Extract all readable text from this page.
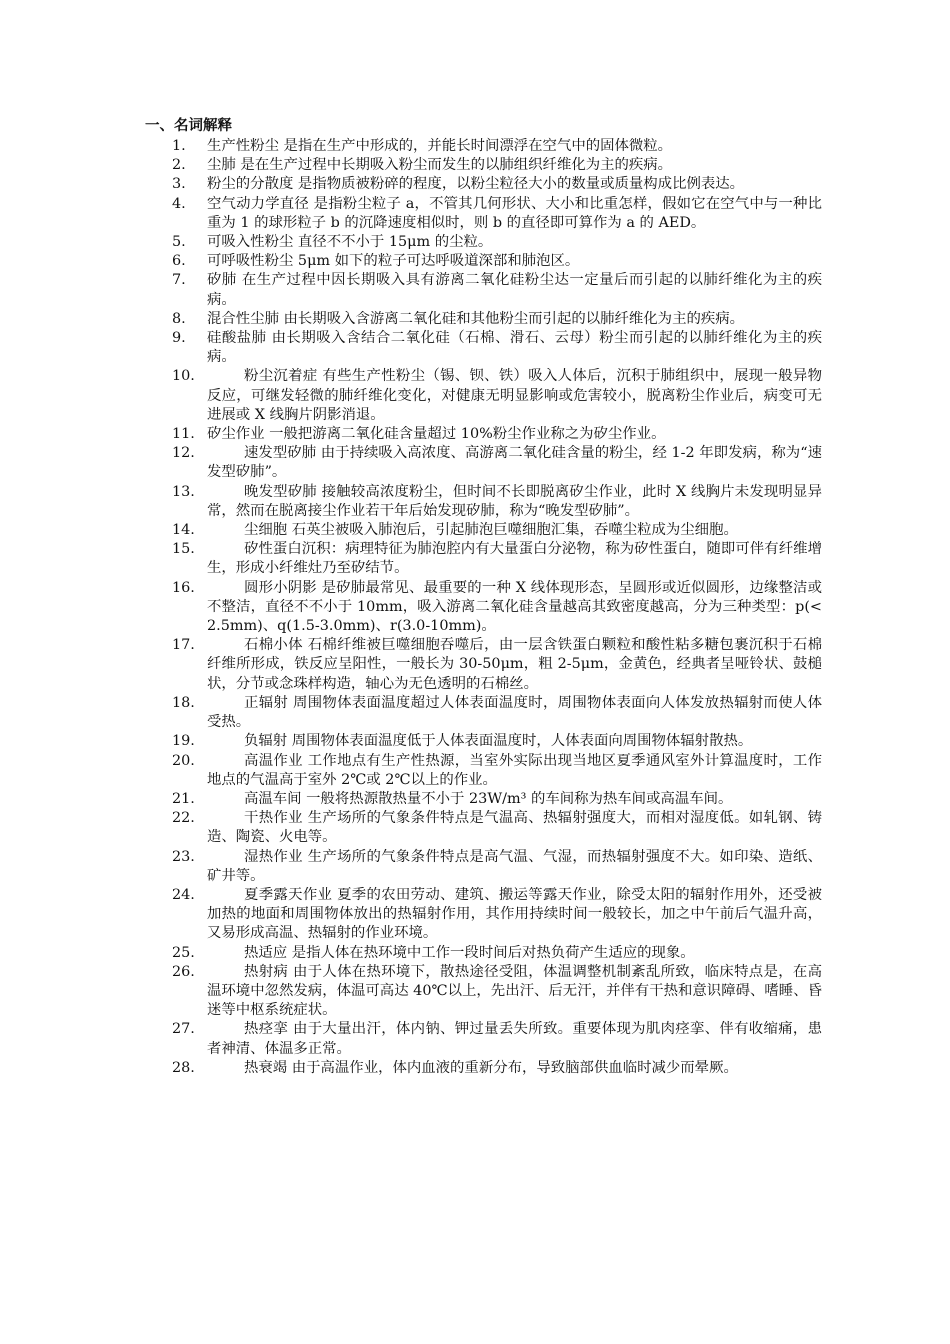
一、名词解释
1.	生产性粉尘 是指在生产中形成的，并能长时间漂浮在空气中的固体微粒。
2.	尘肺 是在生产过程中长期吸入粉尘而发生的以肺组织纤维化为主的疾病。
3.	粉尘的分散度 是指物质被粉碎的程度，以粉尘粒径大小的数量或质量构成比例表达。
4.	空气动力学直径 是指粉尘粒子 a，不管其几何形状、大小和比重怎样，假如它在空气中与一种比重为 1 的球形粒子 b 的沉降速度相似时，则 b 的直径即可算作为 a 的 AED。
5.	可吸入性粉尘 直径不不小于 15μm 的尘粒。
6.	可呼吸性粉尘 5μm 如下的粒子可达呼吸道深部和肺泡区。
7.	矽肺 在生产过程中因长期吸入具有游离二氧化硅粉尘达一定量后而引起的以肺纤维化为主的疾病。
8.	混合性尘肺 由长期吸入含游离二氧化硅和其他粉尘而引起的以肺纤维化为主的疾病。
9.	硅酸盐肺 由长期吸入含结合二氧化硅（石棉、滑石、云母）粉尘而引起的以肺纤维化为主的疾病。
10.	粉尘沉着症 有些生产性粉尘（锡、钡、铁）吸入人体后，沉积于肺组织中，展现一般异物反应，可继发轻微的肺纤维化变化，对健康无明显影响或危害较小，脱离粉尘作业后，病变可无进展或 X 线胸片阴影消退。
11. 矽尘作业 一般把游离二氧化硅含量超过 10%粉尘作业称之为矽尘作业。
12.	速发型矽肺 由于持续吸入高浓度、高游离二氧化硅含量的粉尘，经 1-2 年即发病，称为“速发型矽肺”。
13.	晚发型矽肺 接触较高浓度粉尘，但时间不长即脱离矽尘作业，此时 X 线胸片未发现明显异常，然而在脱离接尘作业若干年后始发现矽肺，称为“晚发型矽肺”。
14.	尘细胞 石英尘被吸入肺泡后，引起肺泡巨噬细胞汇集，吞噬尘粒成为尘细胞。
15.	矽性蛋白沉积：病理特征为肺泡腔内有大量蛋白分泌物，称为矽性蛋白，随即可伴有纤维增生，形成小纤维灶乃至矽结节。
16.	圆形小阴影 是矽肺最常见、最重要的一种 X 线体现形态，呈圆形或近似圆形，边缘整洁或不整洁，直径不不小于 10mm，吸入游离二氧化硅含量越高其致密度越高，分为三种类型：p(<2.5mm)、q(1.5-3.0mm)、r(3.0-10mm)。
17.	石棉小体 石棉纤维被巨噬细胞吞噬后，由一层含铁蛋白颗粒和酸性粘多糖包裹沉积于石棉纤维所形成，铁反应呈阳性，一般长为 30-50μm，粗 2-5μm，金黄色，经典者呈哑铃状、鼓槌状，分节或念珠样构造，轴心为无色透明的石棉丝。
18.	正辐射 周围物体表面温度超过人体表面温度时，周围物体表面向人体发放热辐射而使人体受热。
19.	负辐射 周围物体表面温度低于人体表面温度时，人体表面向周围物体辐射散热。
20.	高温作业 工作地点有生产性热源，当室外实际出现当地区夏季通风室外计算温度时，工作地点的气温高于室外 2℃或 2℃以上的作业。
21.	高温车间 一般将热源散热量不小于 23W/m³ 的车间称为热车间或高温车间。
22.	干热作业 生产场所的气象条件特点是气温高、热辐射强度大，而相对湿度低。如轧钢、铸造、陶瓷、火电等。
23.	湿热作业 生产场所的气象条件特点是高气温、气湿，而热辐射强度不大。如印染、造纸、矿井等。
24.	夏季露天作业 夏季的农田劳动、建筑、搬运等露天作业，除受太阳的辐射作用外，还受被加热的地面和周围物体放出的热辐射作用，其作用持续时间一般较长，加之中午前后气温升高，又易形成高温、热辐射的作业环境。
25.	热适应 是指人体在热环境中工作一段时间后对热负荷产生适应的现象。
26.	热射病 由于人体在热环境下，散热途径受阻，体温调整机制紊乱所致，临床特点是，在高温环境中忽然发病，体温可高达 40℃以上，先出汗、后无汗，并伴有干热和意识障碍、嗜睡、昏迷等中枢系统症状。
27.	热痉挛 由于大量出汗，体内钠、钾过量丢失所致。重要体现为肌肉痉挛、伴有收缩痛，患者神清、体温多正常。
28.	热衰竭 由于高温作业，体内血液的重新分布，导致脑部供血临时减少而晕厥。
